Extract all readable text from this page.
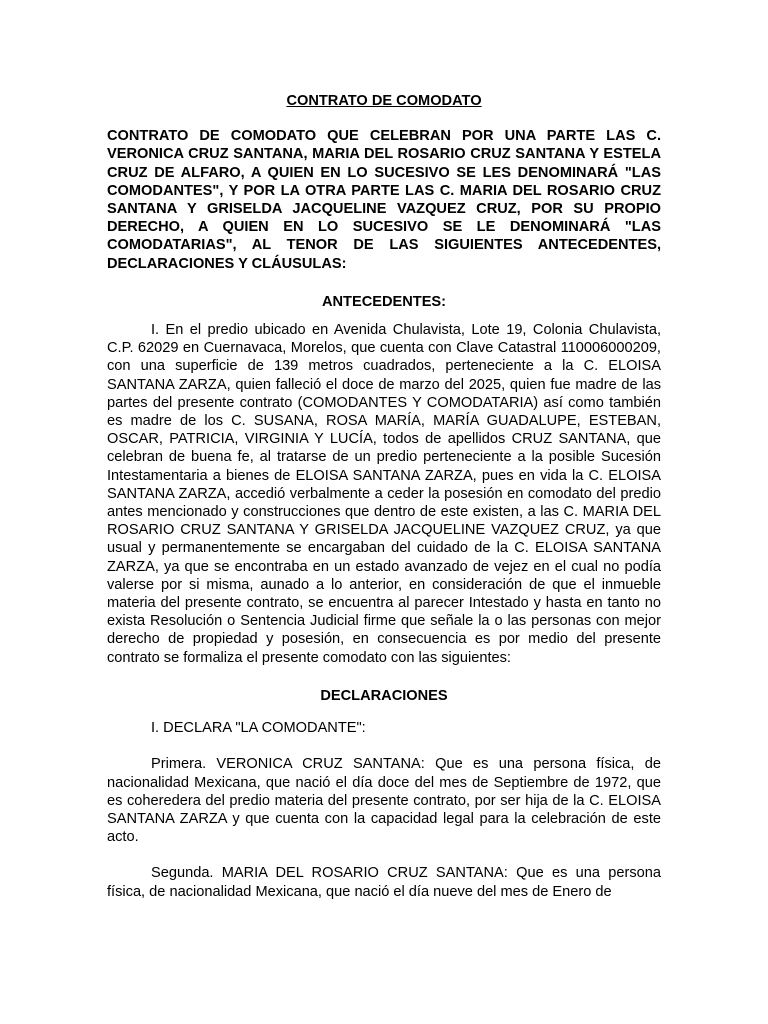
CONTRATO DE COMODATO

CONTRATO DE COMODATO QUE CELEBRAN POR UNA PARTE LAS C. VERONICA CRUZ SANTANA, MARIA DEL ROSARIO CRUZ SANTANA Y ESTELA CRUZ DE ALFARO, A QUIEN EN LO SUCESIVO SE LES DENOMINARÁ "LAS COMODANTES", Y POR LA OTRA PARTE LAS C. MARIA DEL ROSARIO CRUZ SANTANA Y GRISELDA JACQUELINE VAZQUEZ CRUZ, POR SU PROPIO DERECHO, A QUIEN EN LO SUCESIVO SE LE DENOMINARÁ "LAS COMODATARIAS", AL TENOR DE LAS SIGUIENTES ANTECEDENTES, DECLARACIONES Y CLÁUSULAS:

ANTECEDENTES:

I. En el predio ubicado en Avenida Chulavista, Lote 19, Colonia Chulavista, C.P. 62029 en Cuernavaca, Morelos, que cuenta con Clave Catastral 110006000209, con una superficie de 139 metros cuadrados, perteneciente a la C. ELOISA SANTANA ZARZA, quien falleció el doce de marzo del 2025, quien fue madre de las partes del presente contrato (COMODANTES Y COMODATARIA) así como también es madre de los C. SUSANA, ROSA MARÍA, MARÍA GUADALUPE, ESTEBAN, OSCAR, PATRICIA, VIRGINIA Y LUCÍA, todos de apellidos CRUZ SANTANA, que celebran de buena fe, al tratarse de un predio perteneciente a la posible Sucesión Intestamentaria a bienes de ELOISA SANTANA ZARZA, pues en vida la C. ELOISA SANTANA ZARZA, accedió verbalmente a ceder la posesión en comodato del predio antes mencionado y construcciones que dentro de este existen, a las C. MARIA DEL ROSARIO CRUZ SANTANA Y GRISELDA JACQUELINE VAZQUEZ CRUZ, ya que usual y permanentemente se encargaban del cuidado de la C. ELOISA SANTANA ZARZA, ya que se encontraba en un estado avanzado de vejez en el cual no podía valerse por si misma, aunado a lo anterior, en consideración de que el inmueble materia del presente contrato, se encuentra al parecer Intestado y hasta en tanto no exista Resolución o Sentencia Judicial firme que señale la o las personas con mejor derecho de propiedad y posesión, en consecuencia es por medio del presente contrato se formaliza el presente comodato con las siguientes:

DECLARACIONES

I. DECLARA "LA COMODANTE":

Primera. VERONICA CRUZ SANTANA: Que es una persona física, de nacionalidad Mexicana, que nació el día doce del mes de Septiembre de 1972, que es coheredera del predio materia del presente contrato, por ser hija de la C. ELOISA SANTANA ZARZA y que cuenta con la capacidad legal para la celebración de este acto.

Segunda. MARIA DEL ROSARIO CRUZ SANTANA: Que es una persona física, de nacionalidad Mexicana, que nació el día nueve del mes de Enero de
